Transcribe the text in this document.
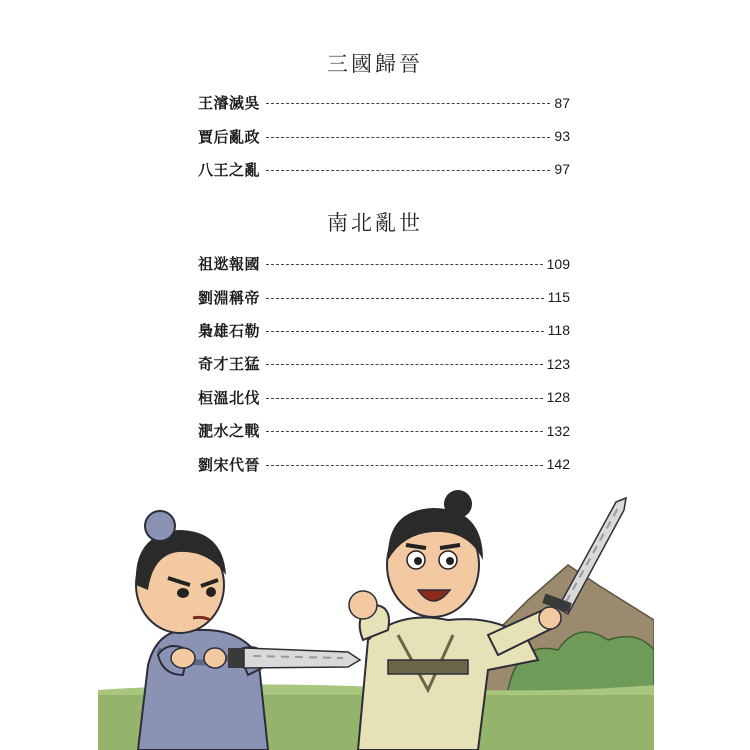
三國歸晉
王濬滅吳	87
賈后亂政	93
八王之亂	97
南北亂世
祖逖報國	109
劉淵稱帝	115
梟雄石勒	118
奇才王猛	123
桓溫北伐	128
淝水之戰	132
劉宋代晉	142
